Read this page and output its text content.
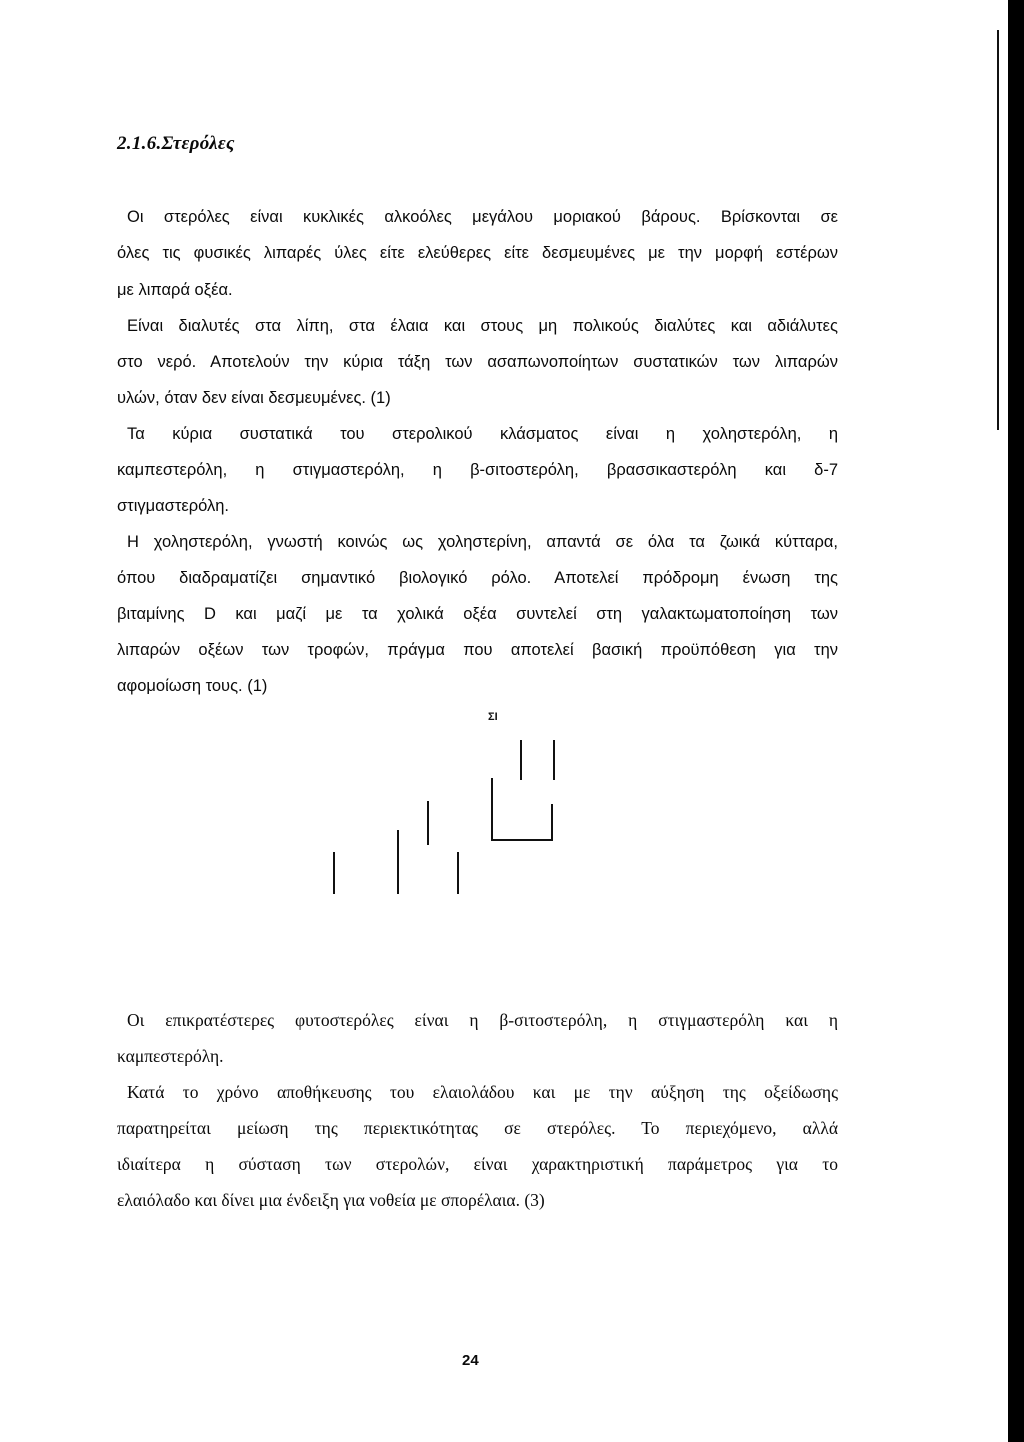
2.1.6.Στερόλες
Οι στερόλες είναι κυκλικές αλκοόλες μεγάλου μοριακού βάρους. Βρίσκονται σε
όλες τις φυσικές λιπαρές ύλες είτε ελεύθερες είτε δεσμευμένες με την μορφή εστέρων
με λιπαρά οξέα.
Είναι διαλυτές στα λίπη, στα έλαια και στους μη πολικούς διαλύτες και αδιάλυτες
στο νερό. Αποτελούν την κύρια τάξη των ασαπωνοποίητων συστατικών των λιπαρών
υλών, όταν δεν είναι δεσμευμένες. (1)
Τα κύρια συστατικά του στερολικού κλάσματος είναι η χοληστερόλη, η
καμπεστερόλη, η στιγμαστερόλη, η β-σιτοστερόλη, βρασσικαστερόλη και δ-7
στιγμαστερόλη.
Η χοληστερόλη, γνωστή κοινώς ως χοληστερίνη, απαντά σε όλα τα ζωικά κύτταρα,
όπου διαδραματίζει σημαντικό βιολογικό ρόλο. Αποτελεί πρόδρομη ένωση της
βιταμίνης D και μαζί με τα χολικά οξέα συντελεί στη γαλακτωματοποίηση των
λιπαρών οξέων των τροφών, πράγμα που αποτελεί βασική προϋπόθεση για την
αφομοίωση τους. (1)
ΣΙ
Οι επικρατέστερες φυτοστερόλες είναι η β-σιτοστερόλη, η στιγμαστερόλη και η
καμπεστερόλη.
Κατά το χρόνο αποθήκευσης του ελαιολάδου και με την αύξηση της οξείδωσης
παρατηρείται μείωση της περιεκτικότητας σε στερόλες. Το περιεχόμενο, αλλά
ιδιαίτερα η σύσταση των στερολών, είναι χαρακτηριστική παράμετρος για το
ελαιόλαδο και δίνει μια ένδειξη για νοθεία με σπορέλαια. (3)
24
